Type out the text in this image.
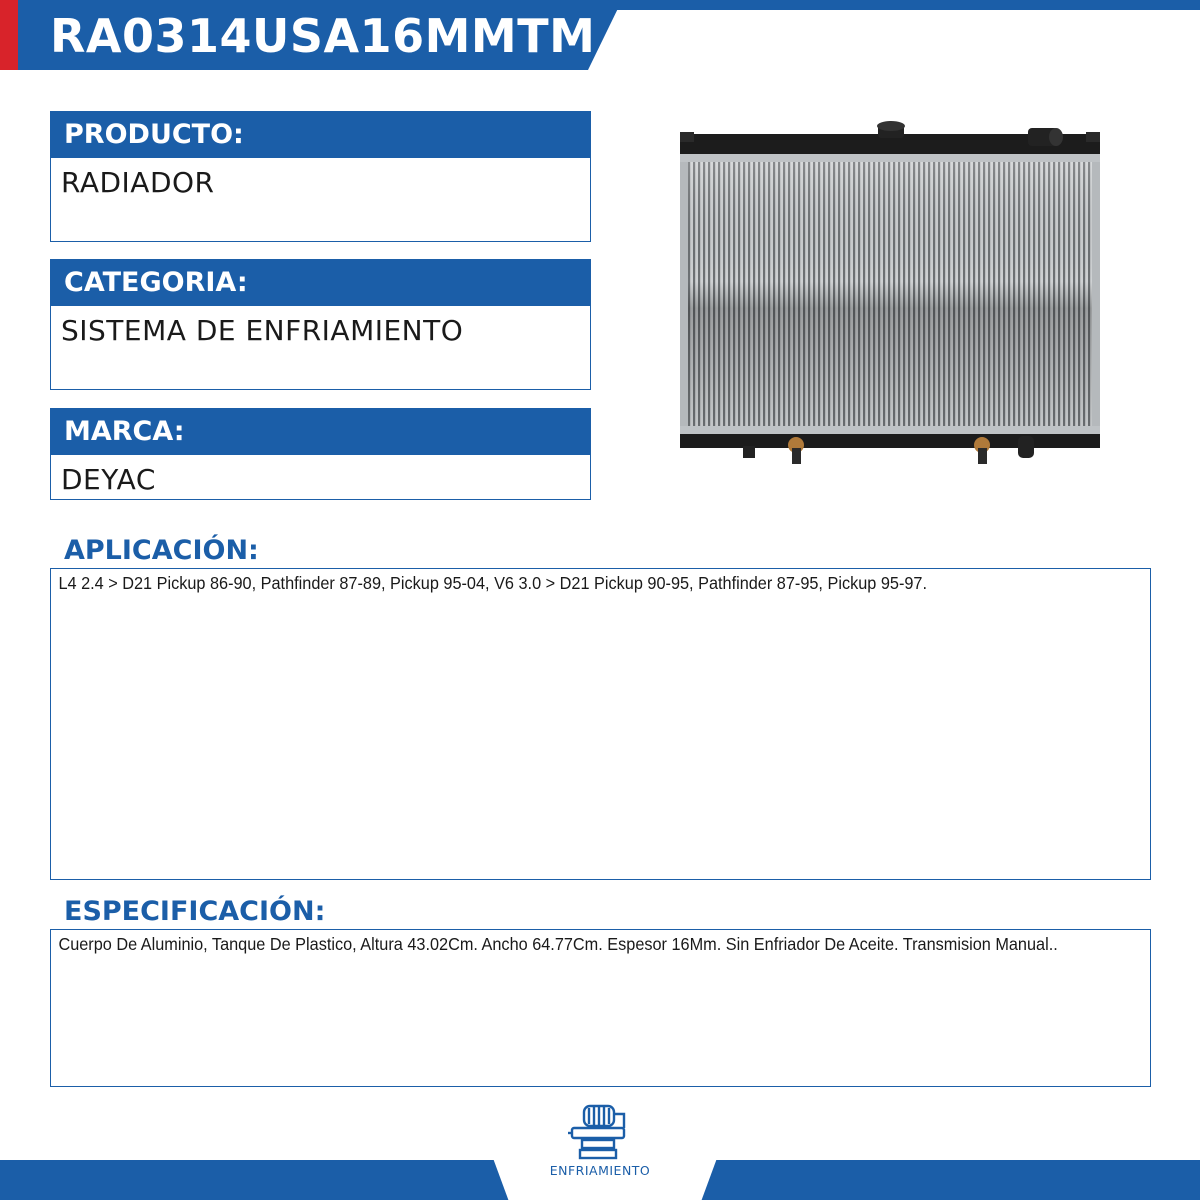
RA0314USA16MMTM
PRODUCTO:
RADIADOR
CATEGORIA:
SISTEMA DE ENFRIAMIENTO
MARCA:
DEYAC
APLICACIÓN:

L4 2.4 > D21 Pickup 86-90, Pathfinder 87-89, Pickup 95-04, V6 3.0 > D21 Pickup 90-95, Pathfinder 87-95, Pickup 95-97.

ESPECIFICACIÓN:

Cuerpo De Aluminio, Tanque De Plastico, Altura 43.02Cm. Ancho 64.77Cm. Espesor 16Mm. Sin Enfriador De Aceite. Transmision Manual..

ENFRIAMIENTO
